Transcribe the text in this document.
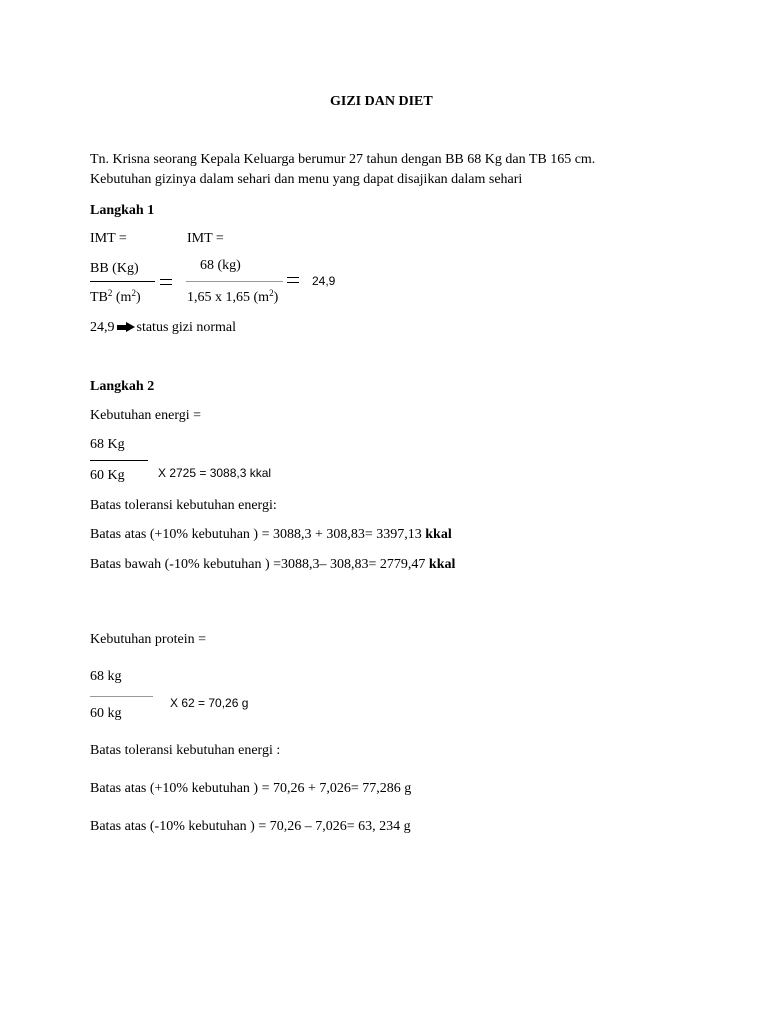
GIZI DAN DIET
Tn. Krisna seorang Kepala Keluarga berumur 27 tahun dengan BB 68 Kg dan TB 165 cm.
Kebutuhan gizinya dalam sehari dan menu yang dapat disajikan dalam sehari
Langkah 1
IMT =	IMT =
BB (Kg)
$TB^2$ $(m^2)$
68 (kg)
1,65 x 1,65 $(m^2)$
24,9
24,9 status gizi normal
Langkah 2
Kebutuhan energi =
68 Kg
60 Kg	X 2725 = 3088,3 kkal
Batas toleransi kebutuhan energi:
Batas atas (+10% kebutuhan ) = 3088,3 + 308,83= 3397,13 kkal
Batas bawah (-10% kebutuhan ) =3088,3– 308,83= 2779,47 kkal
Kebutuhan protein =
68 kg
60 kg
X 62 = 70,26 g
Batas toleransi kebutuhan energi :
Batas atas (+10% kebutuhan ) = 70,26 + 7,026= 77,286 g
Batas atas (-10% kebutuhan ) = 70,26 – 7,026= 63, 234 g
